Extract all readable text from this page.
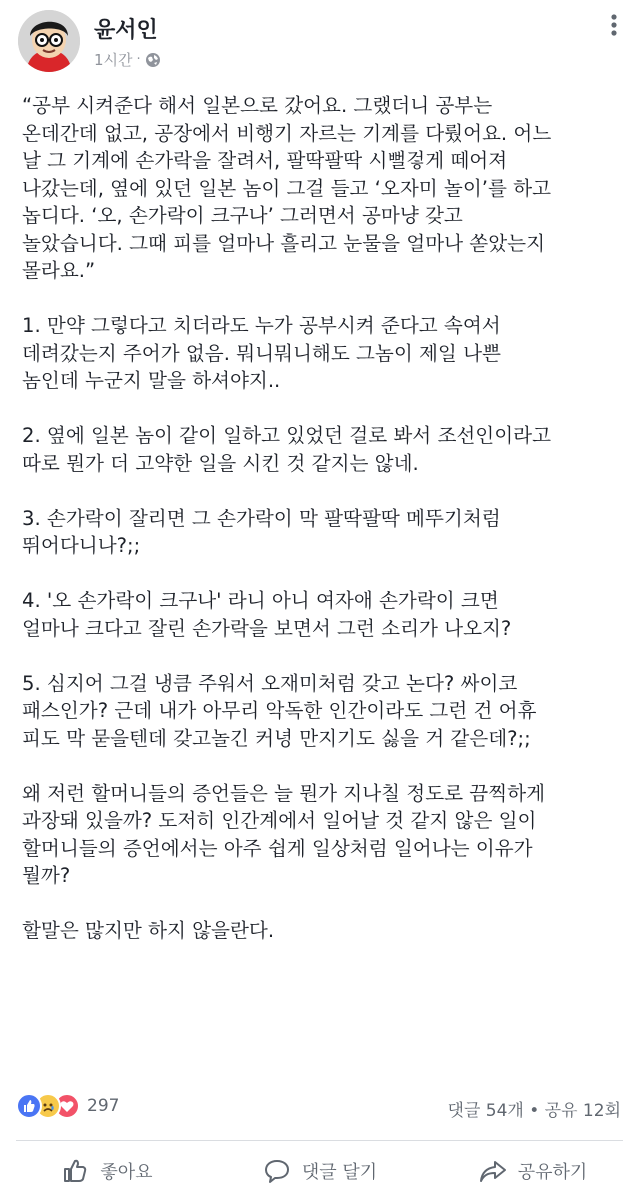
윤서인
1시간 ·

“공부 시켜준다 해서 일본으로 갔어요. 그랬더니 공부는

온데간데 없고, 공장에서 비행기 자르는 기계를 다뤘어요. 어느

날 그 기계에 손가락을 잘려서, 팔딱팔딱 시뻘겋게 떼어져

나갔는데, 옆에 있던 일본 놈이 그걸 들고 ‘오자미 놀이’를 하고

놉디다. ‘오, 손가락이 크구나’ 그러면서 공마냥 갖고

놀았습니다. 그때 피를 얼마나 흘리고 눈물을 얼마나 쏟았는지

몰라요.”

1. 만약 그렇다고 치더라도 누가 공부시켜 준다고 속여서

데려갔는지 주어가 없음. 뭐니뭐니해도 그놈이 제일 나쁜

놈인데 누군지 말을 하셔야지..

2. 옆에 일본 놈이 같이 일하고 있었던 걸로 봐서 조선인이라고

따로 뭔가 더 고약한 일을 시킨 것 같지는 않네.

3. 손가락이 잘리면 그 손가락이 막 팔딱팔딱 메뚜기처럼

뛰어다니나?;;

4. '오 손가락이 크구나' 라니 아니 여자애 손가락이 크면

얼마나 크다고 잘린 손가락을 보면서 그런 소리가 나오지?

5. 심지어 그걸 냉큼 주워서 오재미처럼 갖고 논다? 싸이코

패스인가? 근데 내가 아무리 악독한 인간이라도 그런 건 어휴

피도 막 묻을텐데 갖고놀긴 커녕 만지기도 싫을 거 같은데?;;

왜 저런 할머니들의 증언들은 늘 뭔가 지나칠 정도로 끔찍하게

과장돼 있을까? 도저히 인간계에서 일어날 것 같지 않은 일이

할머니들의 증언에서는 아주 쉽게 일상처럼 일어나는 이유가

뭘까?

할말은 많지만 하지 않을란다.

297	댓글 54개 • 공유 12회
좋아요	댓글 달기	공유하기
